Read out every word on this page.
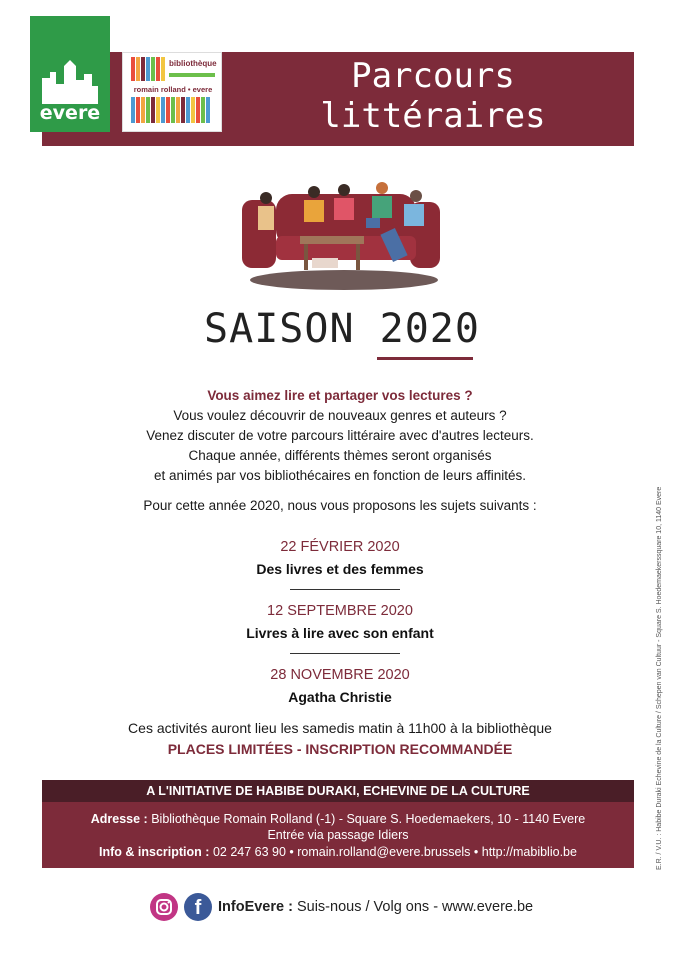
evere
bibliothèque
romain rolland • evere	Parcours
littéraires
SAISON 2020
Vous aimez lire et partager vos lectures ?
Vous voulez découvrir de nouveaux genres et auteurs ?
Venez discuter de votre parcours littéraire avec d'autres lecteurs.
Chaque année, différents thèmes seront organisés
et animés par vos bibliothécaires en fonction de leurs affinités.
Pour cette année 2020, nous vous proposons les sujets suivants :
22 FÉVRIER 2020
Des livres et des femmes
12 SEPTEMBRE 2020
Livres à lire avec son enfant
28 NOVEMBRE 2020
Agatha Christie
Ces activités auront lieu les samedis matin à 11h00 à la bibliothèque
PLACES LIMITÉES - INSCRIPTION RECOMMANDÉE
A L'INITIATIVE DE HABIBE DURAKI, ECHEVINE DE LA CULTURE
Adresse : Bibliothèque Romain Rolland (-1) - Square S. Hoedemaekers, 10 - 1140 Evere
Entrée via passage Idiers
Info & inscription : 02 247 63 90 • romain.rolland@evere.brussels • http://mabiblio.be
f	InfoEvere : Suis-nous / Volg ons - www.evere.be
E.R. / V.U. : Habibe Duraki Echevine de la Culture / Schepen van Cultuur - Square S. Hoedemaekerssquare 10, 1140 Evere
